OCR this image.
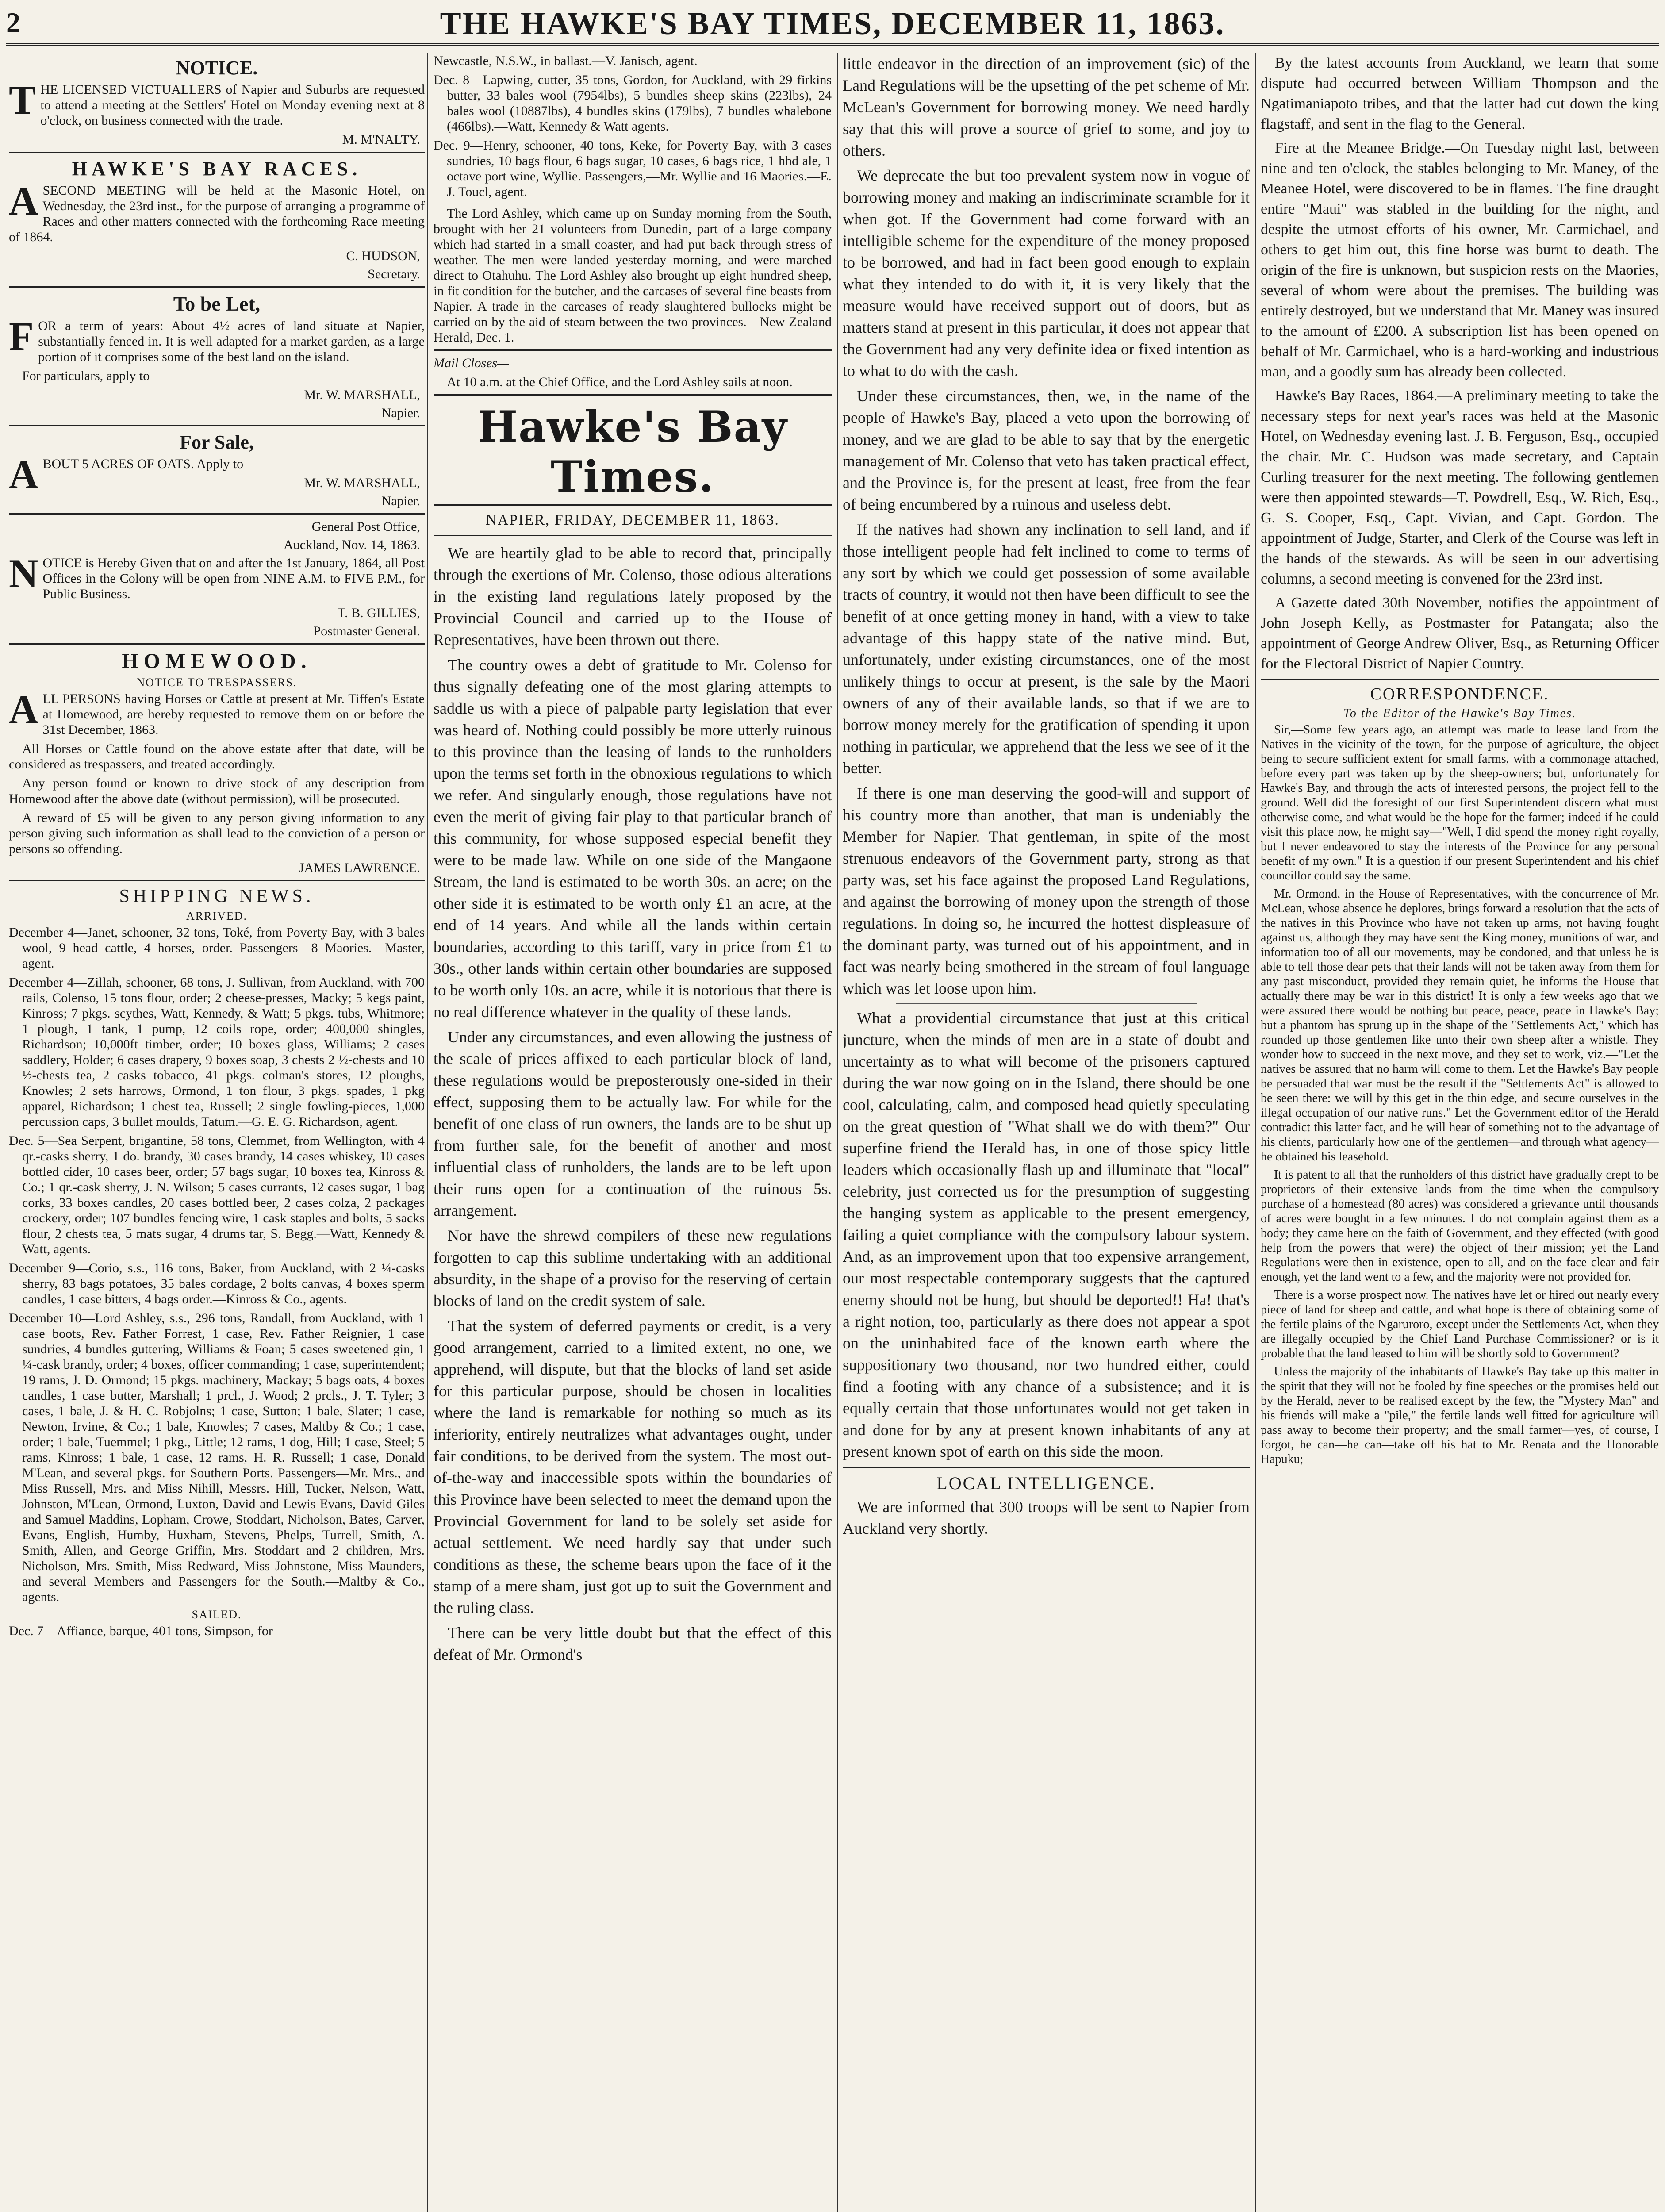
2	THE HAWKE'S BAY TIMES, DECEMBER 11, 1863.
NOTICE.

THE LICENSED VICTUALLERS of Napier and Suburbs are requested to attend a meeting at the Settlers' Hotel on Monday evening next at 8 o'clock, on business connected with the trade.

M. M'NALTY.
HAWKE'S BAY RACES.

ASECOND MEETING will be held at the Masonic Hotel, on Wednesday, the 23rd inst., for the purpose of arranging a programme of Races and other matters connected with the forthcoming Race meeting of 1864.

C. HUDSON,
Secretary.
To be Let,

FOR a term of years: About 4½ acres of land situate at Napier, substantially fenced in. It is well adapted for a market garden, as a large portion of it comprises some of the best land on the island.

For particulars, apply to

Mr. W. MARSHALL,
Napier.
For Sale,

ABOUT 5 ACRES OF OATS. Apply to

Mr. W. MARSHALL,
Napier.
General Post Office,
Auckland, Nov. 14, 1863.

NOTICE is Hereby Given that on and after the 1st January, 1864, all Post Offices in the Colony will be open from NINE A.M. to FIVE P.M., for Public Business.

T. B. GILLIES,
Postmaster General.
HOMEWOOD.
NOTICE TO TRESPASSERS.

ALL PERSONS having Horses or Cattle at present at Mr. Tiffen's Estate at Homewood, are hereby requested to remove them on or before the 31st December, 1863.

All Horses or Cattle found on the above estate after that date, will be considered as trespassers, and treated accordingly.

Any person found or known to drive stock of any description from Homewood after the above date (without permission), will be prosecuted.

A reward of £5 will be given to any person giving information to any person giving such information as shall lead to the conviction of a person or persons so offending.

JAMES LAWRENCE.
SHIPPING NEWS.
ARRIVED.

December 4—Janet, schooner, 32 tons, Toké, from Poverty Bay, with 3 bales wool, 9 head cattle, 4 horses, order. Passengers—8 Maories.—Master, agent.

December 4—Zillah, schooner, 68 tons, J. Sullivan, from Auckland, with 700 rails, Colenso, 15 tons flour, order; 2 cheese-presses, Macky; 5 kegs paint, Kinross; 7 pkgs. scythes, Watt, Kennedy, & Watt; 5 pkgs. tubs, Whitmore; 1 plough, 1 tank, 1 pump, 12 coils rope, order; 400,000 shingles, Richardson; 10,000ft timber, order; 10 boxes glass, Williams; 2 cases saddlery, Holder; 6 cases drapery, 9 boxes soap, 3 chests 2 ½-chests and 10 ½-chests tea, 2 casks tobacco, 41 pkgs. colman's stores, 12 ploughs, Knowles; 2 sets harrows, Ormond, 1 ton flour, 3 pkgs. spades, 1 pkg apparel, Richardson; 1 chest tea, Russell; 2 single fowling-pieces, 1,000 percussion caps, 3 bullet moulds, Tatum.—G. E. G. Richardson, agent.

Dec. 5—Sea Serpent, brigantine, 58 tons, Clemmet, from Wellington, with 4 qr.-casks sherry, 1 do. brandy, 30 cases brandy, 14 cases whiskey, 10 cases bottled cider, 10 cases beer, order; 57 bags sugar, 10 boxes tea, Kinross & Co.; 1 qr.-cask sherry, J. N. Wilson; 5 cases currants, 12 cases sugar, 1 bag corks, 33 boxes candles, 20 cases bottled beer, 2 cases colza, 2 packages crockery, order; 107 bundles fencing wire, 1 cask staples and bolts, 5 sacks flour, 2 chests tea, 5 mats sugar, 4 drums tar, S. Begg.—Watt, Kennedy & Watt, agents.

December 9—Corio, s.s., 116 tons, Baker, from Auckland, with 2 ¼-casks sherry, 83 bags potatoes, 35 bales cordage, 2 bolts canvas, 4 boxes sperm candles, 1 case bitters, 4 bags order.—Kinross & Co., agents.

December 10—Lord Ashley, s.s., 296 tons, Randall, from Auckland, with 1 case boots, Rev. Father Forrest, 1 case, Rev. Father Reignier, 1 case sundries, 4 bundles guttering, Williams & Foan; 5 cases sweetened gin, 1 ¼-cask brandy, order; 4 boxes, officer commanding; 1 case, superintendent; 19 rams, J. D. Ormond; 15 pkgs. machinery, Mackay; 5 bags oats, 4 boxes candles, 1 case butter, Marshall; 1 prcl., J. Wood; 2 prcls., J. T. Tyler; 3 cases, 1 bale, J. & H. C. Robjolns; 1 case, Sutton; 1 bale, Slater; 1 case, Newton, Irvine, & Co.; 1 bale, Knowles; 7 cases, Maltby & Co.; 1 case, order; 1 bale, Tuemmel; 1 pkg., Little; 12 rams, 1 dog, Hill; 1 case, Steel; 5 rams, Kinross; 1 bale, 1 case, 12 rams, H. R. Russell; 1 case, Donald M'Lean, and several pkgs. for Southern Ports. Passengers—Mr. Mrs., and Miss Russell, Mrs. and Miss Nihill, Messrs. Hill, Tucker, Nelson, Watt, Johnston, M'Lean, Ormond, Luxton, David and Lewis Evans, David Giles and Samuel Maddins, Lopham, Crowe, Stoddart, Nicholson, Bates, Carver, Evans, English, Humby, Huxham, Stevens, Phelps, Turrell, Smith, A. Smith, Allen, and George Griffin, Mrs. Stoddart and 2 children, Mrs. Nicholson, Mrs. Smith, Miss Redward, Miss Johnstone, Miss Maunders, and several Members and Passengers for the South.—Maltby & Co., agents.

SAILED.

Dec. 7—Affiance, barque, 401 tons, Simpson, for

Newcastle, N.S.W., in ballast.—V. Janisch, agent.

Dec. 8—Lapwing, cutter, 35 tons, Gordon, for Auckland, with 29 firkins butter, 33 bales wool (7954lbs), 5 bundles sheep skins (223lbs), 24 bales wool (10887lbs), 4 bundles skins (179lbs), 7 bundles whalebone (466lbs).—Watt, Kennedy & Watt agents.

Dec. 9—Henry, schooner, 40 tons, Keke, for Poverty Bay, with 3 cases sundries, 10 bags flour, 6 bags sugar, 10 cases, 6 bags rice, 1 hhd ale, 1 octave port wine, Wyllie. Passengers,—Mr. Wyllie and 16 Maories.—E. J. Toucl, agent.

The Lord Ashley, which came up on Sunday morning from the South, brought with her 21 volunteers from Dunedin, part of a large company which had started in a small coaster, and had put back through stress of weather. The men were landed yesterday morning, and were marched direct to Otahuhu. The Lord Ashley also brought up eight hundred sheep, in fit condition for the butcher, and the carcases of several fine beasts from Napier. A trade in the carcases of ready slaughtered bullocks might be carried on by the aid of steam between the two provinces.—New Zealand Herald, Dec. 1.

Mail Closes—

At 10 a.m. at the Chief Office, and the Lord Ashley sails at noon.

Hawke's Bay Times.
NAPIER, FRIDAY, DECEMBER 11, 1863.

We are heartily glad to be able to record that, principally through the exertions of Mr. Colenso, those odious alterations in the existing land regulations lately proposed by the Provincial Council and carried up to the House of Representatives, have been thrown out there.

The country owes a debt of gratitude to Mr. Colenso for thus signally defeating one of the most glaring attempts to saddle us with a piece of palpable party legislation that ever was heard of. Nothing could possibly be more utterly ruinous to this province than the leasing of lands to the runholders upon the terms set forth in the obnoxious regulations to which we refer. And singularly enough, those regulations have not even the merit of giving fair play to that particular branch of this community, for whose supposed especial benefit they were to be made law. While on one side of the Mangaone Stream, the land is estimated to be worth 30s. an acre; on the other side it is estimated to be worth only £1 an acre, at the end of 14 years. And while all the lands within certain boundaries, according to this tariff, vary in price from £1 to 30s., other lands within certain other boundaries are supposed to be worth only 10s. an acre, while it is notorious that there is no real difference whatever in the quality of these lands.

Under any circumstances, and even allowing the justness of the scale of prices affixed to each particular block of land, these regulations would be preposterously one-sided in their effect, supposing them to be actually law. For while for the benefit of one class of run owners, the lands are to be shut up from further sale, for the benefit of another and most influential class of runholders, the lands are to be left upon their runs open for a continuation of the ruinous 5s. arrangement.

Nor have the shrewd compilers of these new regulations forgotten to cap this sublime undertaking with an additional absurdity, in the shape of a proviso for the reserving of certain blocks of land on the credit system of sale.

That the system of deferred payments or credit, is a very good arrangement, carried to a limited extent, no one, we apprehend, will dispute, but that the blocks of land set aside for this particular purpose, should be chosen in localities where the land is remarkable for nothing so much as its inferiority, entirely neutralizes what advantages ought, under fair conditions, to be derived from the system. The most out-of-the-way and inaccessible spots within the boundaries of this Province have been selected to meet the demand upon the Provincial Government for land to be solely set aside for actual settlement. We need hardly say that under such conditions as these, the scheme bears upon the face of it the stamp of a mere sham, just got up to suit the Government and the ruling class.

There can be very little doubt but that the effect of this defeat of Mr. Ormond's

little endeavor in the direction of an improvement (sic) of the Land Regulations will be the upsetting of the pet scheme of Mr. McLean's Government for borrowing money. We need hardly say that this will prove a source of grief to some, and joy to others.

We deprecate the but too prevalent system now in vogue of borrowing money and making an indiscriminate scramble for it when got. If the Government had come forward with an intelligible scheme for the expenditure of the money proposed to be borrowed, and had in fact been good enough to explain what they intended to do with it, it is very likely that the measure would have received support out of doors, but as matters stand at present in this particular, it does not appear that the Government had any very definite idea or fixed intention as to what to do with the cash.

Under these circumstances, then, we, in the name of the people of Hawke's Bay, placed a veto upon the borrowing of money, and we are glad to be able to say that by the energetic management of Mr. Colenso that veto has taken practical effect, and the Province is, for the present at least, free from the fear of being encumbered by a ruinous and useless debt.

If the natives had shown any inclination to sell land, and if those intelligent people had felt inclined to come to terms of any sort by which we could get possession of some available tracts of country, it would not then have been difficult to see the benefit of at once getting money in hand, with a view to take advantage of this happy state of the native mind. But, unfortunately, under existing circumstances, one of the most unlikely things to occur at present, is the sale by the Maori owners of any of their available lands, so that if we are to borrow money merely for the gratification of spending it upon nothing in particular, we apprehend that the less we see of it the better.

If there is one man deserving the good-will and support of his country more than another, that man is undeniably the Member for Napier. That gentleman, in spite of the most strenuous endeavors of the Government party, strong as that party was, set his face against the proposed Land Regulations, and against the borrowing of money upon the strength of those regulations. In doing so, he incurred the hottest displeasure of the dominant party, was turned out of his appointment, and in fact was nearly being smothered in the stream of foul language which was let loose upon him.

What a providential circumstance that just at this critical juncture, when the minds of men are in a state of doubt and uncertainty as to what will become of the prisoners captured during the war now going on in the Island, there should be one cool, calculating, calm, and composed head quietly speculating on the great question of "What shall we do with them?" Our superfine friend the Herald has, in one of those spicy little leaders which occasionally flash up and illuminate that "local" celebrity, just corrected us for the presumption of suggesting the hanging system as applicable to the present emergency, failing a quiet compliance with the compulsory labour system. And, as an improvement upon that too expensive arrangement, our most respectable contemporary suggests that the captured enemy should not be hung, but should be deported!! Ha! that's a right notion, too, particularly as there does not appear a spot on the uninhabited face of the known earth where the suppositionary two thousand, nor two hundred either, could find a footing with any chance of a subsistence; and it is equally certain that those unfortunates would not get taken in and done for by any at present known inhabitants of any at present known spot of earth on this side the moon.

LOCAL INTELLIGENCE.

We are informed that 300 troops will be sent to Napier from Auckland very shortly.

By the latest accounts from Auckland, we learn that some dispute had occurred between William Thompson and the Ngatimaniapoto tribes, and that the latter had cut down the king flagstaff, and sent in the flag to the General.

Fire at the Meanee Bridge.—On Tuesday night last, between nine and ten o'clock, the stables belonging to Mr. Maney, of the Meanee Hotel, were discovered to be in flames. The fine draught entire "Maui" was stabled in the building for the night, and despite the utmost efforts of his owner, Mr. Carmichael, and others to get him out, this fine horse was burnt to death. The origin of the fire is unknown, but suspicion rests on the Maories, several of whom were about the premises. The building was entirely destroyed, but we understand that Mr. Maney was insured to the amount of £200. A subscription list has been opened on behalf of Mr. Carmichael, who is a hard-working and industrious man, and a goodly sum has already been collected.

Hawke's Bay Races, 1864.—A preliminary meeting to take the necessary steps for next year's races was held at the Masonic Hotel, on Wednesday evening last. J. B. Ferguson, Esq., occupied the chair. Mr. C. Hudson was made secretary, and Captain Curling treasurer for the next meeting. The following gentlemen were then appointed stewards—T. Powdrell, Esq., W. Rich, Esq., G. S. Cooper, Esq., Capt. Vivian, and Capt. Gordon. The appointment of Judge, Starter, and Clerk of the Course was left in the hands of the stewards. As will be seen in our advertising columns, a second meeting is convened for the 23rd inst.

A Gazette dated 30th November, notifies the appointment of John Joseph Kelly, as Postmaster for Patangata; also the appointment of George Andrew Oliver, Esq., as Returning Officer for the Electoral District of Napier Country.

CORRESPONDENCE.
To the Editor of the Hawke's Bay Times.

Sir,—Some few years ago, an attempt was made to lease land from the Natives in the vicinity of the town, for the purpose of agriculture, the object being to secure sufficient extent for small farms, with a commonage attached, before every part was taken up by the sheep-owners; but, unfortunately for Hawke's Bay, and through the acts of interested persons, the project fell to the ground. Well did the foresight of our first Superintendent discern what must otherwise come, and what would be the hope for the farmer; indeed if he could visit this place now, he might say—"Well, I did spend the money right royally, but I never endeavored to stay the interests of the Province for any personal benefit of my own." It is a question if our present Superintendent and his chief councillor could say the same.

Mr. Ormond, in the House of Representatives, with the concurrence of Mr. McLean, whose absence he deplores, brings forward a resolution that the acts of the natives in this Province who have not taken up arms, not having fought against us, although they may have sent the King money, munitions of war, and information too of all our movements, may be condoned, and that unless he is able to tell those dear pets that their lands will not be taken away from them for any past misconduct, provided they remain quiet, he informs the House that actually there may be war in this district! It is only a few weeks ago that we were assured there would be nothing but peace, peace, peace in Hawke's Bay; but a phantom has sprung up in the shape of the "Settlements Act," which has rounded up those gentlemen like unto their own sheep after a whistle. They wonder how to succeed in the next move, and they set to work, viz.—"Let the natives be assured that no harm will come to them. Let the Hawke's Bay people be persuaded that war must be the result if the "Settlements Act" is allowed to be seen there: we will by this get in the thin edge, and secure ourselves in the illegal occupation of our native runs." Let the Government editor of the Herald contradict this latter fact, and he will hear of something not to the advantage of his clients, particularly how one of the gentlemen—and through what agency—he obtained his leasehold.

It is patent to all that the runholders of this district have gradually crept to be proprietors of their extensive lands from the time when the compulsory purchase of a homestead (80 acres) was considered a grievance until thousands of acres were bought in a few minutes. I do not complain against them as a body; they came here on the faith of Government, and they effected (with good help from the powers that were) the object of their mission; yet the Land Regulations were then in existence, open to all, and on the face clear and fair enough, yet the land went to a few, and the majority were not provided for.

There is a worse prospect now. The natives have let or hired out nearly every piece of land for sheep and cattle, and what hope is there of obtaining some of the fertile plains of the Ngaruroro, except under the Settlements Act, when they are illegally occupied by the Chief Land Purchase Commissioner? or is it probable that the land leased to him will be shortly sold to Government?

Unless the majority of the inhabitants of Hawke's Bay take up this matter in the spirit that they will not be fooled by fine speeches or the promises held out by the Herald, never to be realised except by the few, the "Mystery Man" and his friends will make a "pile," the fertile lands well fitted for agriculture will pass away to become their property; and the small farmer—yes, of course, I forgot, he can—he can—take off his hat to Mr. Renata and the Honorable Hapuku;
